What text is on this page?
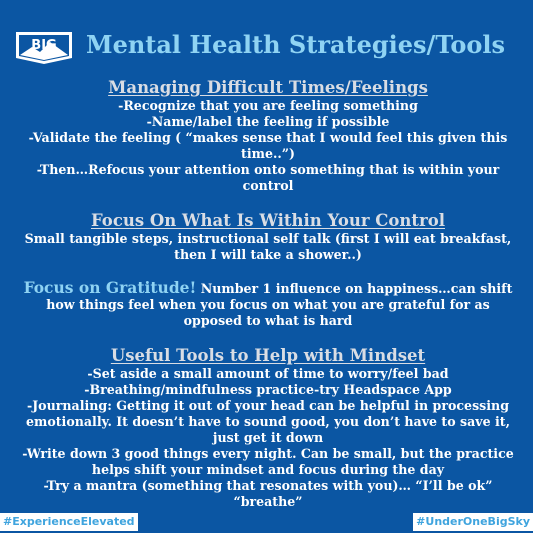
BIG Mental Health Strategies/Tools
Managing Difficult Times/Feelings
-Recognize that you are feeling something
-Name/label the feeling if possible
-Validate the feeling ( “makes sense that I would feel this given this time..”)
-Then…Refocus your attention onto something that is within your control
Focus On What Is Within Your Control
Small tangible steps, instructional self talk (first I will eat breakfast, then I will take a shower..)
Focus on Gratitude! Number 1 influence on happiness…can shift how things feel when you focus on what you are grateful for as opposed to what is hard
Useful Tools to Help with Mindset
-Set aside a small amount of time to worry/feel bad
-Breathing/mindfulness practice-try Headspace App
-Journaling: Getting it out of your head can be helpful in processing emotionally. It doesn’t have to sound good, you don’t have to save it, just get it down
-Write down 3 good things every night. Can be small, but the practice helps shift your mindset and focus during the day
-Try a mantra (something that resonates with you)… “I’ll be ok” “breathe”
#ExperienceElevated	#UnderOneBigSky
